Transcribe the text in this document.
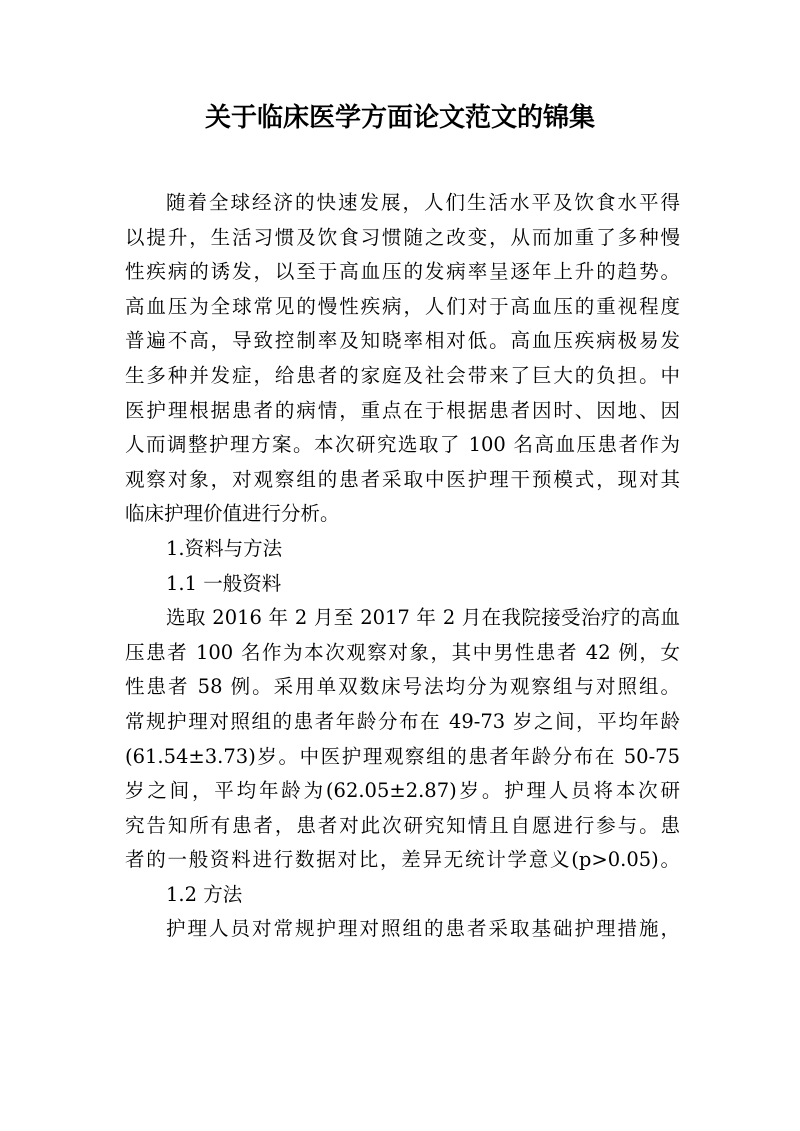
关于临床医学方面论文范文的锦集
随着全球经济的快速发展，人们生活水平及饮食水平得
以提升，生活习惯及饮食习惯随之改变，从而加重了多种慢
性疾病的诱发，以至于高血压的发病率呈逐年上升的趋势。
高血压为全球常见的慢性疾病，人们对于高血压的重视程度
普遍不高，导致控制率及知晓率相对低。高血压疾病极易发
生多种并发症，给患者的家庭及社会带来了巨大的负担。中
医护理根据患者的病情，重点在于根据患者因时、因地、因
人而调整护理方案。本次研究选取了 100 名高血压患者作为
观察对象，对观察组的患者采取中医护理干预模式，现对其
临床护理价值进行分析。
1.资料与方法
1.1 一般资料
选取 2016 年 2 月至 2017 年 2 月在我院接受治疗的高血
压患者 100 名作为本次观察对象，其中男性患者 42 例，女
性患者 58 例。采用单双数床号法均分为观察组与对照组。
常规护理对照组的患者年龄分布在 49-73 岁之间，平均年龄
(61.54±3.73)岁。中医护理观察组的患者年龄分布在 50-75
岁之间，平均年龄为(62.05±2.87)岁。护理人员将本次研
究告知所有患者，患者对此次研究知情且自愿进行参与。患
者的一般资料进行数据对比，差异无统计学意义(p>0.05)。
1.2 方法
护理人员对常规护理对照组的患者采取基础护理措施，
